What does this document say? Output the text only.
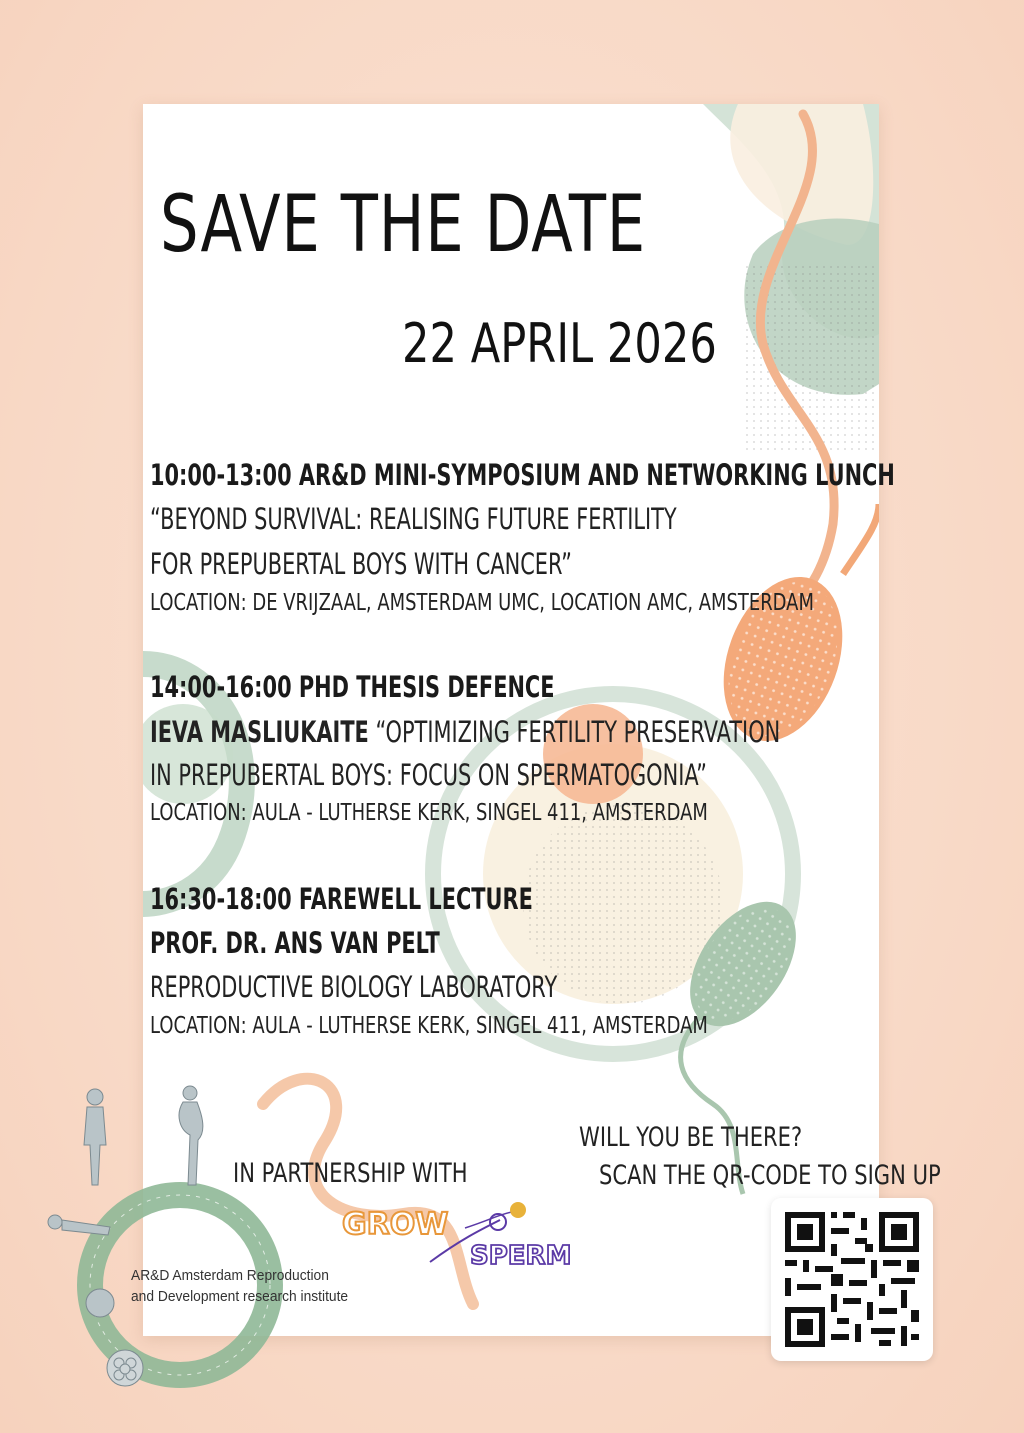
SAVE THE DATE
22 APRIL 2026
10:00-13:00 AR&D MINI-SYMPOSIUM AND NETWORKING LUNCH
“BEYOND SURVIVAL: REALISING FUTURE FERTILITY
FOR PREPUBERTAL BOYS WITH CANCER”
LOCATION: DE VRIJZAAL, AMSTERDAM UMC, LOCATION AMC, AMSTERDAM
14:00-16:00 PHD THESIS DEFENCE
IEVA MASLIUKAITE “OPTIMIZING FERTILITY PRESERVATION
IN PREPUBERTAL BOYS: FOCUS ON SPERMATOGONIA”
LOCATION: AULA - LUTHERSE KERK, SINGEL 411, AMSTERDAM
16:30-18:00 FAREWELL LECTURE
PROF. DR. ANS VAN PELT
REPRODUCTIVE BIOLOGY LABORATORY
LOCATION: AULA - LUTHERSE KERK, SINGEL 411, AMSTERDAM
IN PARTNERSHIP WITH
GROW
SPERM
WILL YOU BE THERE?
SCAN THE QR-CODE TO SIGN UP
AR&D Amsterdam Reproduction
and Development research institute
